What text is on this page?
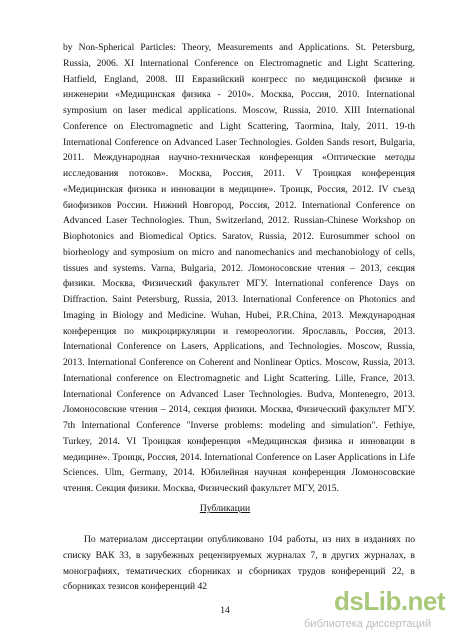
by Non-Spherical Particles: Theory, Measurements and Applications. St. Petersburg, Russia, 2006. XI International Conference on Electromagnetic and Light Scattering. Hatfield, England, 2008. III Евразийский конгресс по медицинской физике и инженерии «Медицинская физика - 2010». Москва, Россия, 2010. International symposium on laser medical applications. Moscow, Russia, 2010. XIII International Conference on Electromagnetic and Light Scattering, Taormina, Italy, 2011. 19-th International Conference on Advanced Laser Technologies. Golden Sands resort, Bulgaria, 2011. Международная научно-техническая конференция «Оптические методы исследования потоков». Москва, Россия, 2011. V Троицкая конференция «Медицинская физика и инновации в медицине». Троицк, Россия, 2012. IV съезд биофизиков России. Нижний Новгород, Россия, 2012. International Conference on Advanced Laser Technologies. Thun, Switzerland, 2012. Russian-Chinese Workshop on Biophotonics and Biomedical Optics. Saratov, Russia, 2012. Eurosummer school on biorheology and symposium on micro and nanomechanics and mechanobiology of cells, tissues and systems. Varna, Bulgaria, 2012. Ломоносовские чтения – 2013, секция физики. Москва, Физический факультет МГУ. International conference Days on Diffraction. Saint Petersburg, Russia, 2013. International Conference on Photonics and Imaging in Biology and Medicine. Wuhan, Hubei, P.R.China, 2013. Международная конференция по микроциркуляции и гемореологии. Ярославль, Россия, 2013. International Conference on Lasers, Applications, and Technologies. Moscow, Russia, 2013. International Conference on Coherent and Nonlinear Optics. Moscow, Russia, 2013. International conference on Electromagnetic and Light Scattering. Lille, France, 2013. International Conference on Advanced Laser Technologies. Budva, Montenegro, 2013. Ломоносовские чтения – 2014, секция физики. Москва, Физический факультет МГУ. 7th International Conference "Inverse problems: modeling and simulation". Fethiye, Turkey, 2014. VI Троицкая конференция «Медицинская физика и инновации в медицине». Троицк, Россия, 2014. International Conference on Laser Applications in Life Sciences. Ulm, Germany, 2014. Юбилейная научная конференция Ломоносовские чтения. Секция физики. Москва, Физический факультет МГУ, 2015.

Публикации

По материалам диссертации опубликовано 104 работы, из них в изданиях по списку ВАК 33, в зарубежных рецензируемых журналах 7, в других журналах, в монографиях, тематических сборниках и сборниках трудов конференций 22, в сборниках тезисов конференций 42

14	dsLib.net
библиотека диссертаций
